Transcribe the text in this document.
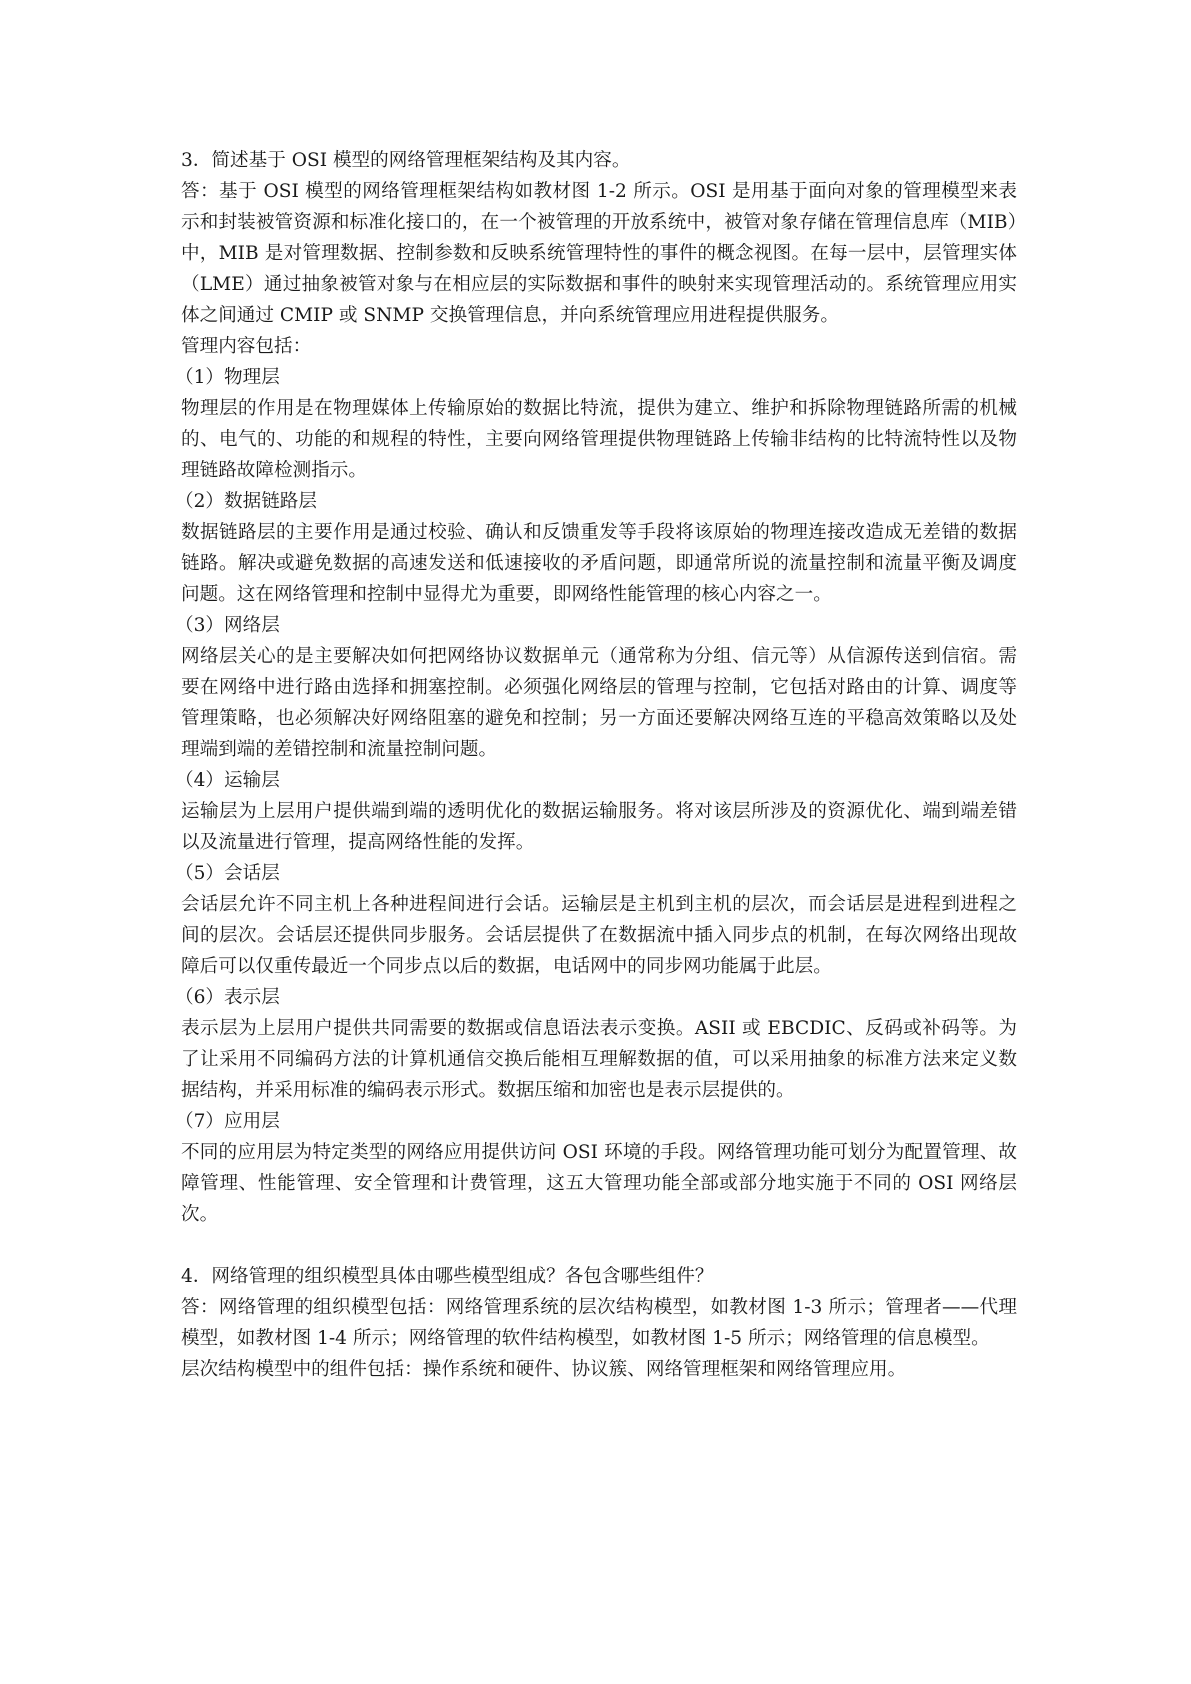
3．简述基于 OSI 模型的网络管理框架结构及其内容。

答：基于 OSI 模型的网络管理框架结构如教材图 1-2 所示。OSI 是用基于面向对象的管理模型来表示和封装被管资源和标准化接口的，在一个被管理的开放系统中，被管对象存储在管理信息库（MIB）中，MIB 是对管理数据、控制参数和反映系统管理特性的事件的概念视图。在每一层中，层管理实体（LME）通过抽象被管对象与在相应层的实际数据和事件的映射来实现管理活动的。系统管理应用实体之间通过 CMIP 或 SNMP 交换管理信息，并向系统管理应用进程提供服务。

管理内容包括：

（1）物理层

物理层的作用是在物理媒体上传输原始的数据比特流，提供为建立、维护和拆除物理链路所需的机械的、电气的、功能的和规程的特性，主要向网络管理提供物理链路上传输非结构的比特流特性以及物理链路故障检测指示。

（2）数据链路层

数据链路层的主要作用是通过校验、确认和反馈重发等手段将该原始的物理连接改造成无差错的数据链路。解决或避免数据的高速发送和低速接收的矛盾问题，即通常所说的流量控制和流量平衡及调度问题。这在网络管理和控制中显得尤为重要，即网络性能管理的核心内容之一。

（3）网络层

网络层关心的是主要解决如何把网络协议数据单元（通常称为分组、信元等）从信源传送到信宿。需要在网络中进行路由选择和拥塞控制。必须强化网络层的管理与控制，它包括对路由的计算、调度等管理策略，也必须解决好网络阻塞的避免和控制；另一方面还要解决网络互连的平稳高效策略以及处理端到端的差错控制和流量控制问题。

（4）运输层

运输层为上层用户提供端到端的透明优化的数据运输服务。将对该层所涉及的资源优化、端到端差错以及流量进行管理，提高网络性能的发挥。

（5）会话层

会话层允许不同主机上各种进程间进行会话。运输层是主机到主机的层次，而会话层是进程到进程之间的层次。会话层还提供同步服务。会话层提供了在数据流中插入同步点的机制，在每次网络出现故障后可以仅重传最近一个同步点以后的数据，电话网中的同步网功能属于此层。

（6）表示层

表示层为上层用户提供共同需要的数据或信息语法表示变换。ASII 或 EBCDIC、反码或补码等。为了让采用不同编码方法的计算机通信交换后能相互理解数据的值，可以采用抽象的标准方法来定义数据结构，并采用标准的编码表示形式。数据压缩和加密也是表示层提供的。

（7）应用层

不同的应用层为特定类型的网络应用提供访问 OSI 环境的手段。网络管理功能可划分为配置管理、故障管理、性能管理、安全管理和计费管理，这五大管理功能全部或部分地实施于不同的 OSI 网络层次。

4．网络管理的组织模型具体由哪些模型组成？各包含哪些组件？

答：网络管理的组织模型包括：网络管理系统的层次结构模型，如教材图 1-3 所示；管理者——代理模型，如教材图 1-4 所示；网络管理的软件结构模型，如教材图 1-5 所示；网络管理的信息模型。

层次结构模型中的组件包括：操作系统和硬件、协议簇、网络管理框架和网络管理应用。
